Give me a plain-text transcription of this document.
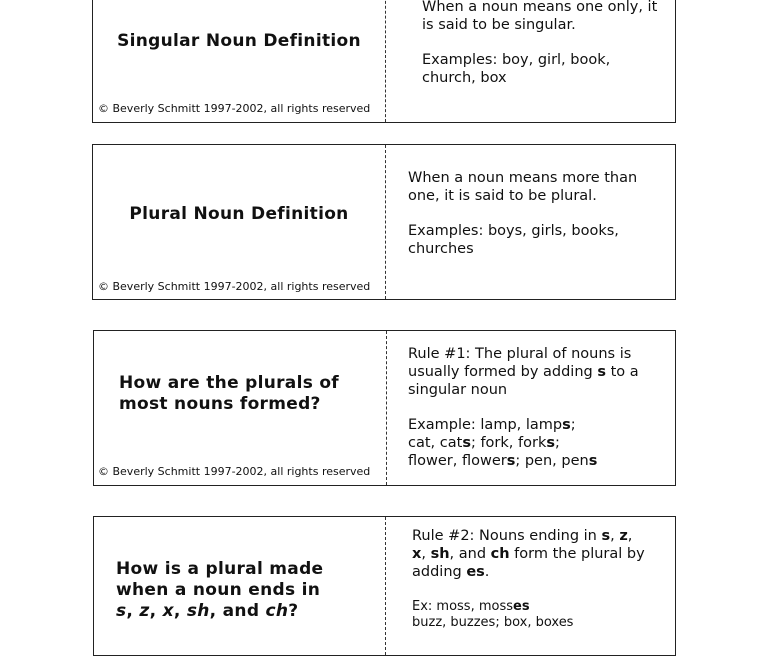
Singular Noun Definition
© Beverly Schmitt 1997-2002, all rights reserved

When a noun means one only, it

is said to be singular.

Examples: boy, girl, book,

church, box

Plural Noun Definition
© Beverly Schmitt 1997-2002, all rights reserved

When a noun means more than

one, it is said to be plural.

Examples: boys, girls, books,

churches

How are the plurals of
most nouns formed?
© Beverly Schmitt 1997-2002, all rights reserved

Rule #1: The plural of nouns is

usually formed by adding s to a

singular noun

Example: lamp, lamps;

cat, cats; fork, forks;

flower, flowers; pen, pens

How is a plural made
when a noun ends in
s, z, x, sh, and ch?

Rule #2: Nouns ending in s, z,

x, sh, and ch form the plural by

adding es.

Ex: moss, mosses

buzz, buzzes; box, boxes
